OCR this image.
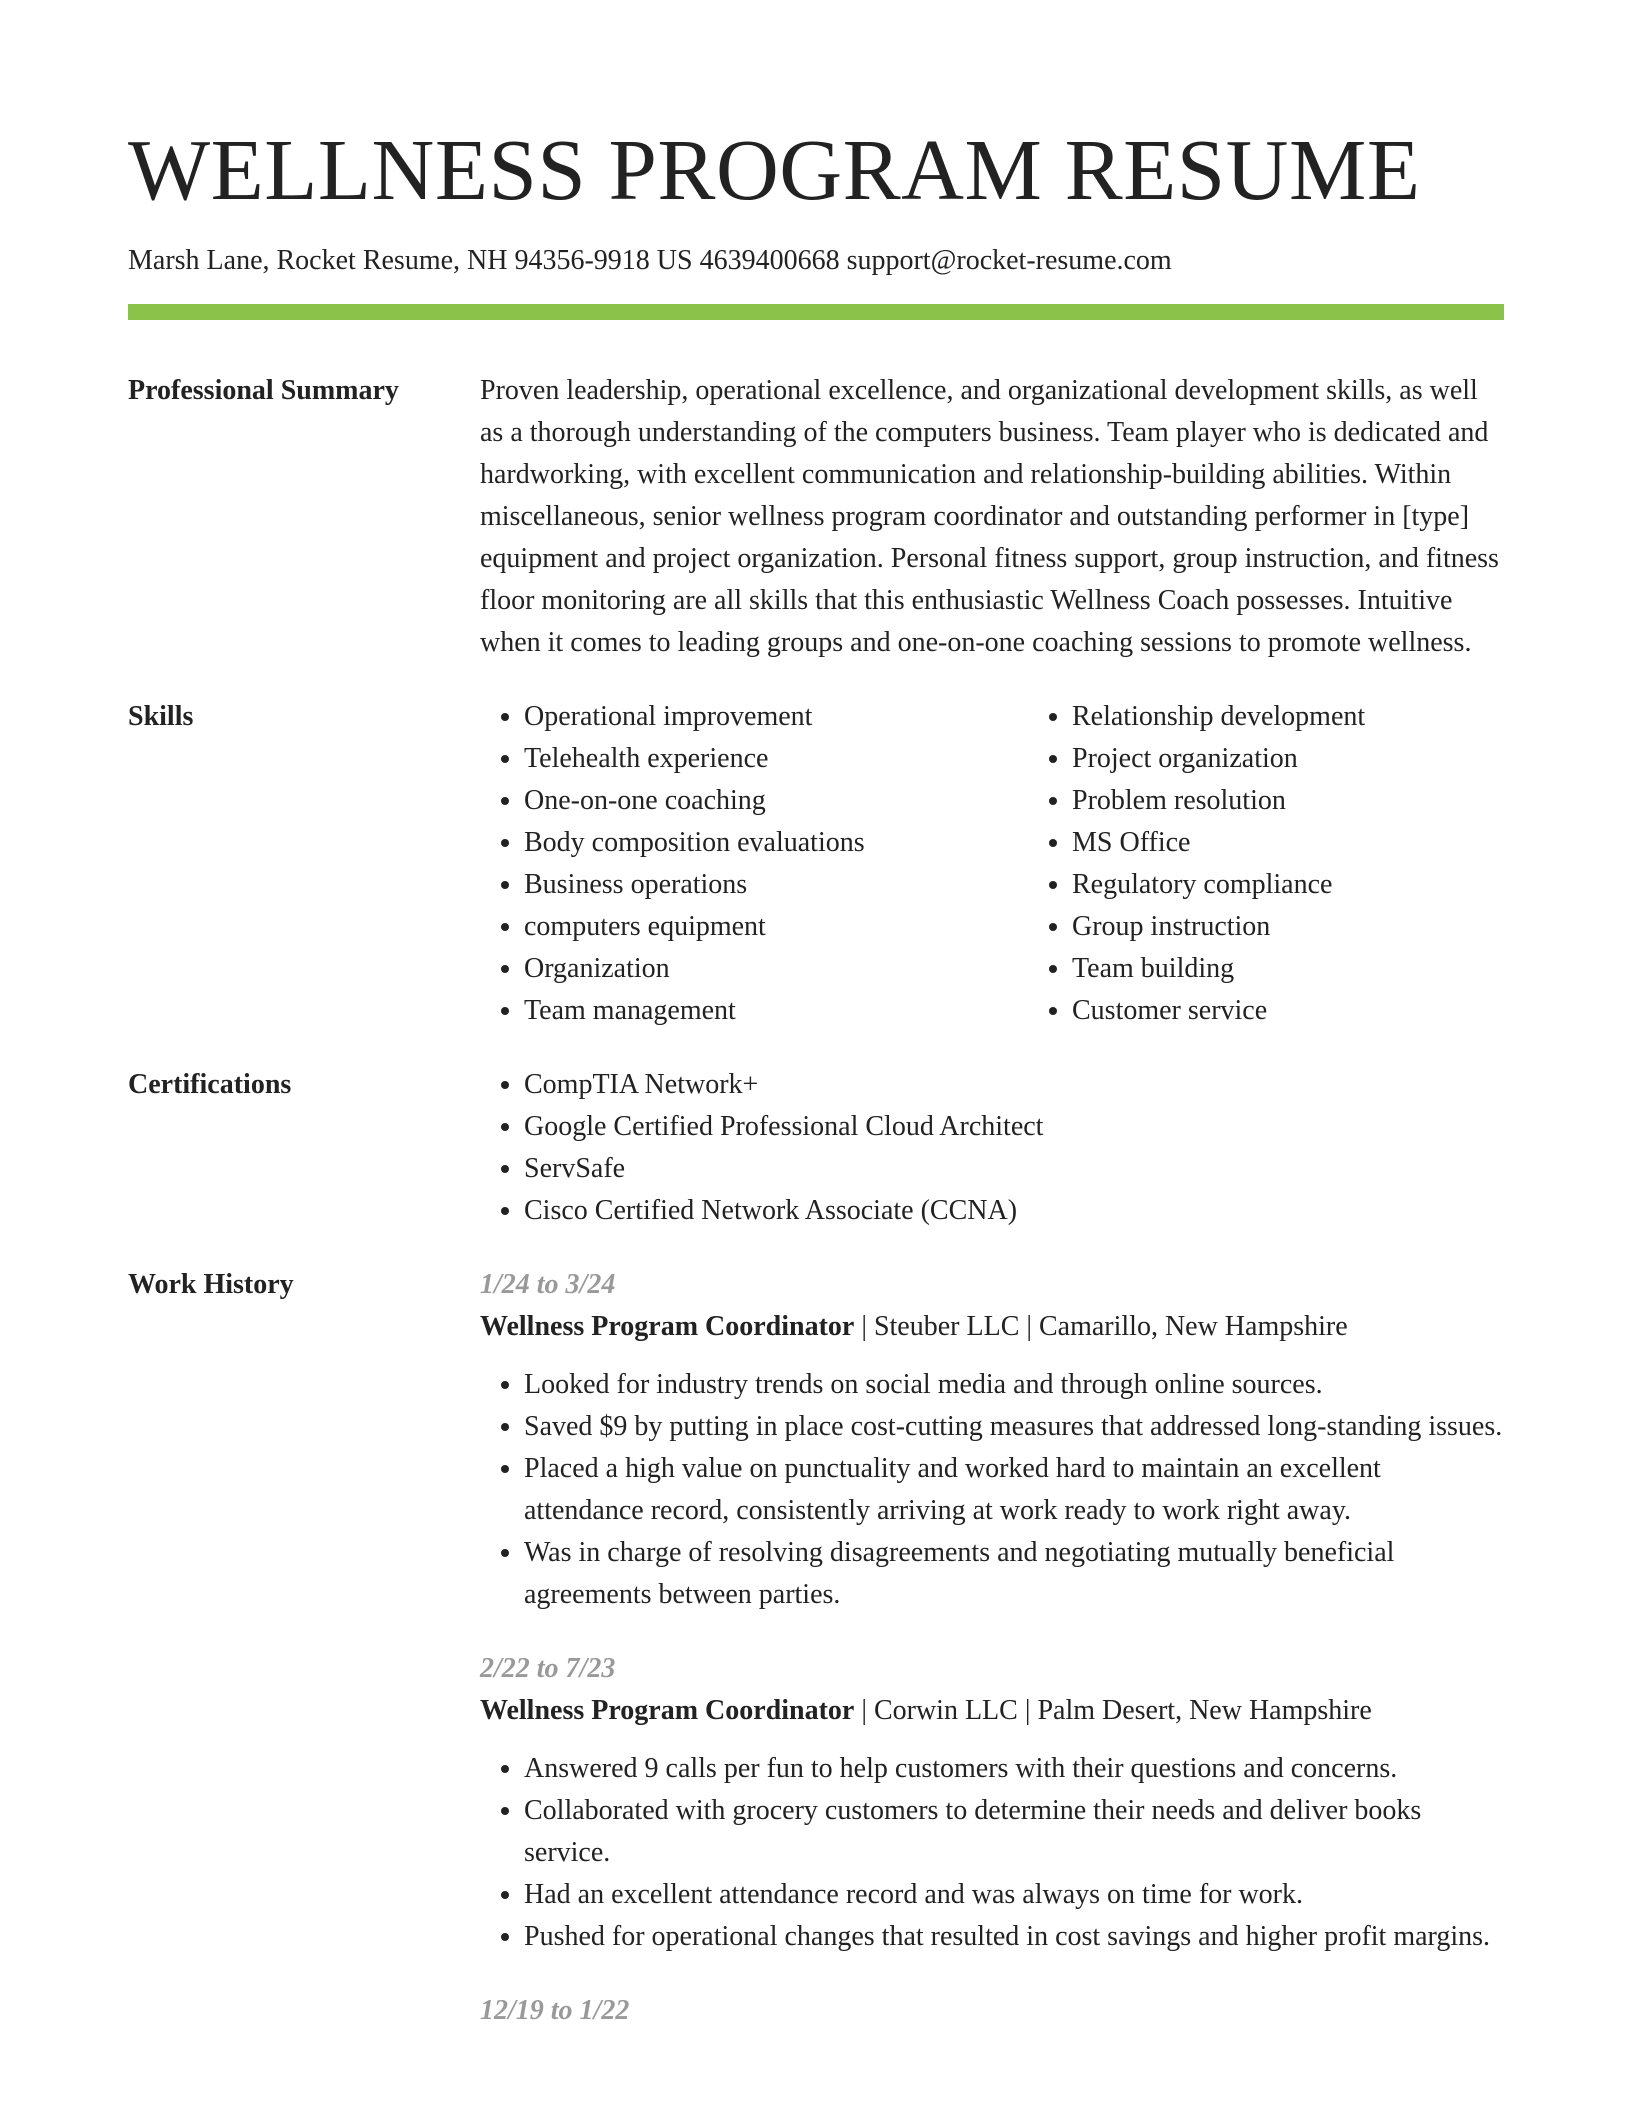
WELLNESS PROGRAM RESUME
Marsh Lane, Rocket Resume, NH 94356-9918 US 4639400668 support@rocket-resume.com
Professional Summary	Proven leadership, operational excellence, and organizational development skills, as well as a thorough understanding of the computers business. Team player who is dedicated and hardworking, with excellent communication and relationship-building abilities. Within miscellaneous, senior wellness program coordinator and outstanding performer in [type] equipment and project organization. Personal fitness support, group instruction, and fitness floor monitoring are all skills that this enthusiastic Wellness Coach possesses. Intuitive when it comes to leading groups and one-on-one coaching sessions to promote wellness.

Skills	• Operational improvement
• Telehealth experience
• One-on-one coaching
• Body composition evaluations
• Business operations
• computers equipment
• Organization
• Team management
• Relationship development
• Project organization
• Problem resolution
• MS Office
• Regulatory compliance
• Group instruction
• Team building
• Customer service
Certifications	• CompTIA Network+
• Google Certified Professional Cloud Architect
• ServSafe
• Cisco Certified Network Associate (CCNA)
Work History	1/24 to 3/24
Wellness Program Coordinator | Steuber LLC | Camarillo, New Hampshire
• Looked for industry trends on social media and through online sources.
• Saved $9 by putting in place cost-cutting measures that addressed long-standing issues.
• Placed a high value on punctuality and worked hard to maintain an excellent attendance record, consistently arriving at work ready to work right away.
• Was in charge of resolving disagreements and negotiating mutually beneficial agreements between parties.
2/22 to 7/23
Wellness Program Coordinator | Corwin LLC | Palm Desert, New Hampshire
• Answered 9 calls per fun to help customers with their questions and concerns.
• Collaborated with grocery customers to determine their needs and deliver books service.
• Had an excellent attendance record and was always on time for work.
• Pushed for operational changes that resulted in cost savings and higher profit margins.
12/19 to 1/22
